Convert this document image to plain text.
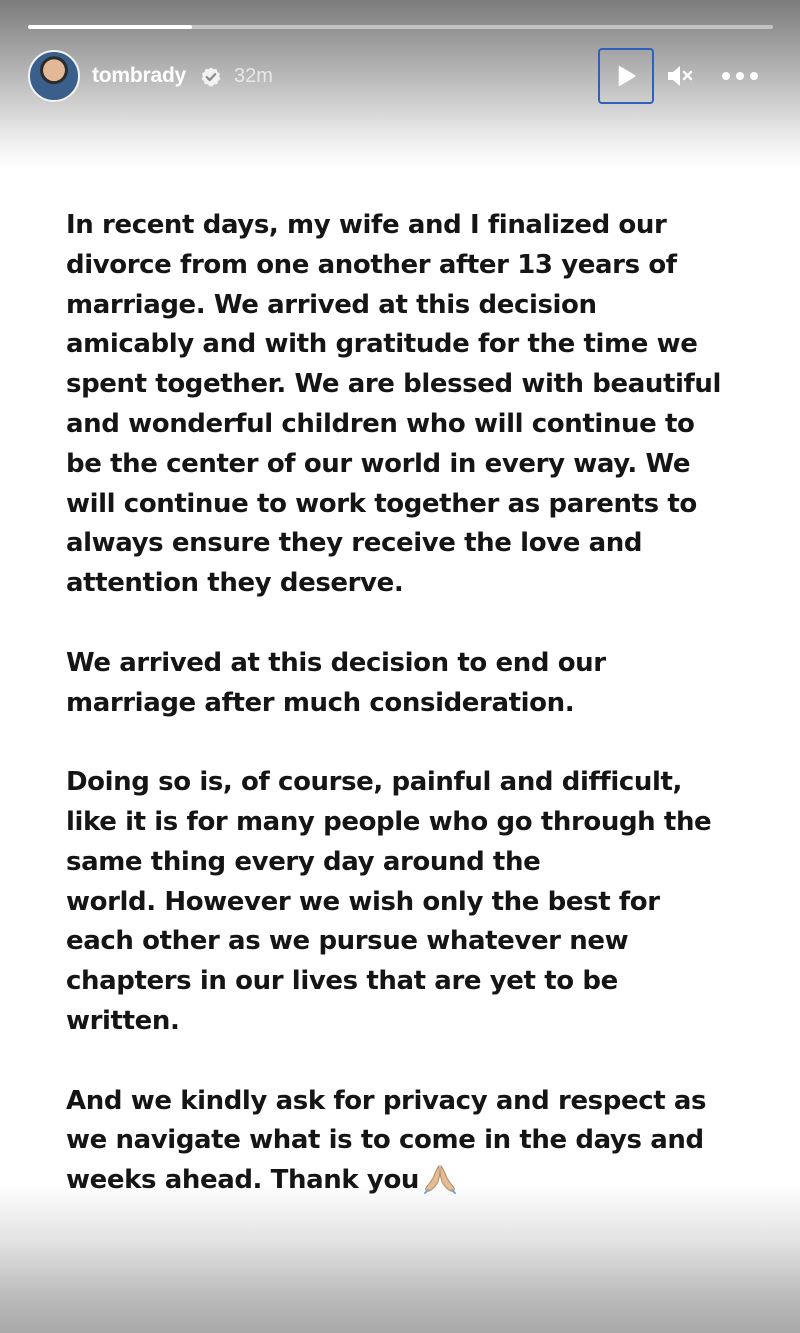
tombrady 32m

In recent days, my wife and I finalized our
divorce from one another after 13 years of
marriage. We arrived at this decision
amicably and with gratitude for the time we
spent together. We are blessed with beautiful
and wonderful children who will continue to
be the center of our world in every way. We
will continue to work together as parents to
always ensure they receive the love and
attention they deserve.

We arrived at this decision to end our
marriage after much consideration.

Doing so is, of course, painful and difficult,
like it is for many people who go through the
same thing every day around the
world. However we wish only the best for
each other as we pursue whatever new
chapters in our lives that are yet to be
written.

And we kindly ask for privacy and respect as
we navigate what is to come in the days and
weeks ahead. Thank you
